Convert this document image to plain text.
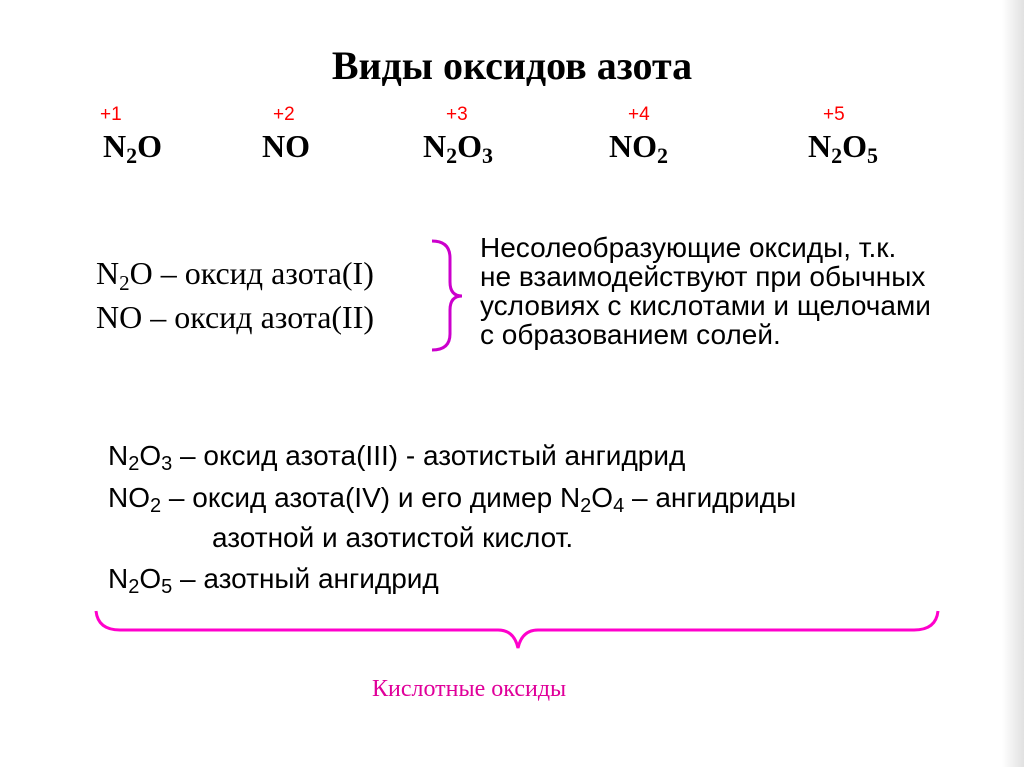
Виды оксидов азота
+1	+2	+3	+4	+5
$N_2O$	NO	$N_2O_3$	$NO_2$	$N_2O_5$
$N_2O$ – оксид азота(I)
NO – оксид азота(II)
Несолеобразующие оксиды, т.к.
не взаимодействуют при обычных
условиях с кислотами и щелочами
с образованием солей.
$N_2O_3$ – оксид азота(III) - азотистый ангидрид
$NO_2$ – оксид азота(IV) и его димер $N_2O_4$ – ангидриды
азотной и азотистой кислот.
$N_2O_5$ – азотный ангидрид
Кислотные оксиды
